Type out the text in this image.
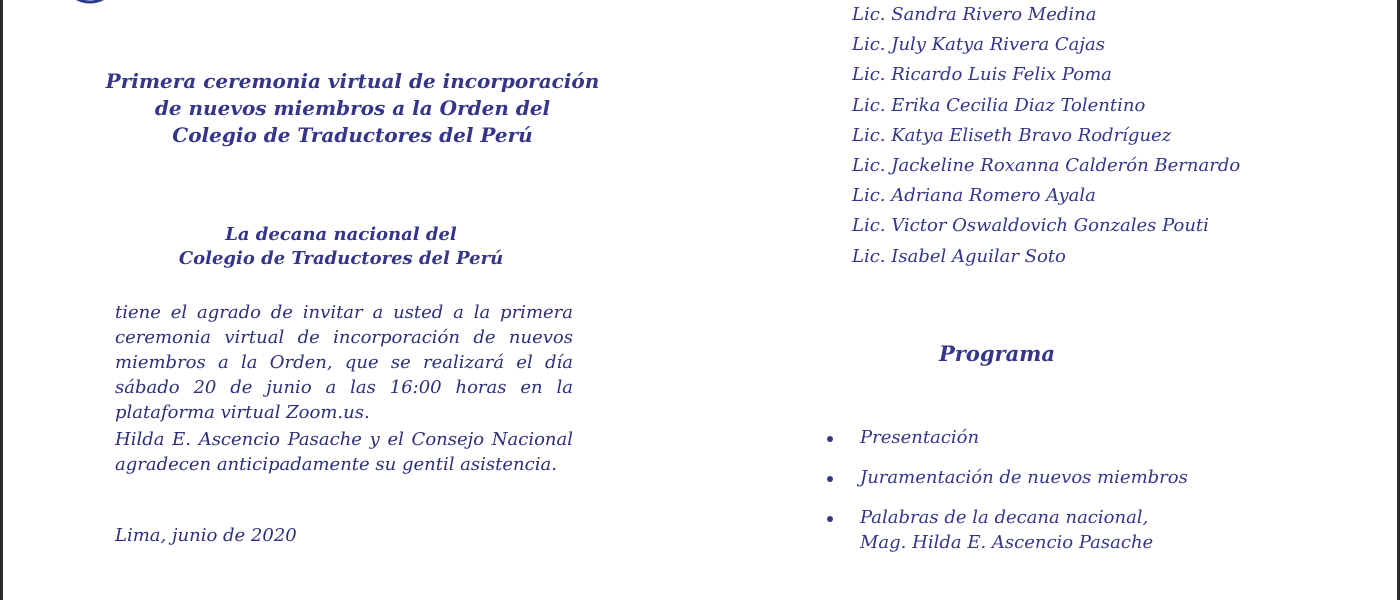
Primera ceremonia virtual de incorporación
de nuevos miembros a la Orden del
Colegio de Traductores del Perú
La decana nacional del
Colegio de Traductores del Perú
tiene el agrado de invitar a usted a la primera ceremonia virtual de incorporación de nuevos miembros a la Orden, que se realizará el día sábado 20 de junio a las 16:00 horas en la plataforma virtual Zoom.us.
Hilda E. Ascencio Pasache y el Consejo Nacional agradecen anticipadamente su gentil asistencia.
Lima, junio de 2020
Lic. Sandra Rivero Medina
Lic. July Katya Rivera Cajas
Lic. Ricardo Luis Felix Poma
Lic. Erika Cecilia Diaz Tolentino
Lic. Katya Eliseth Bravo Rodríguez
Lic. Jackeline Roxanna Calderón Bernardo
Lic. Adriana Romero Ayala
Lic. Victor Oswaldovich Gonzales Pouti
Lic. Isabel Aguilar Soto
Programa
Presentación
Juramentación de nuevos miembros
Palabras de la decana nacional,
Mag. Hilda E. Ascencio Pasache
